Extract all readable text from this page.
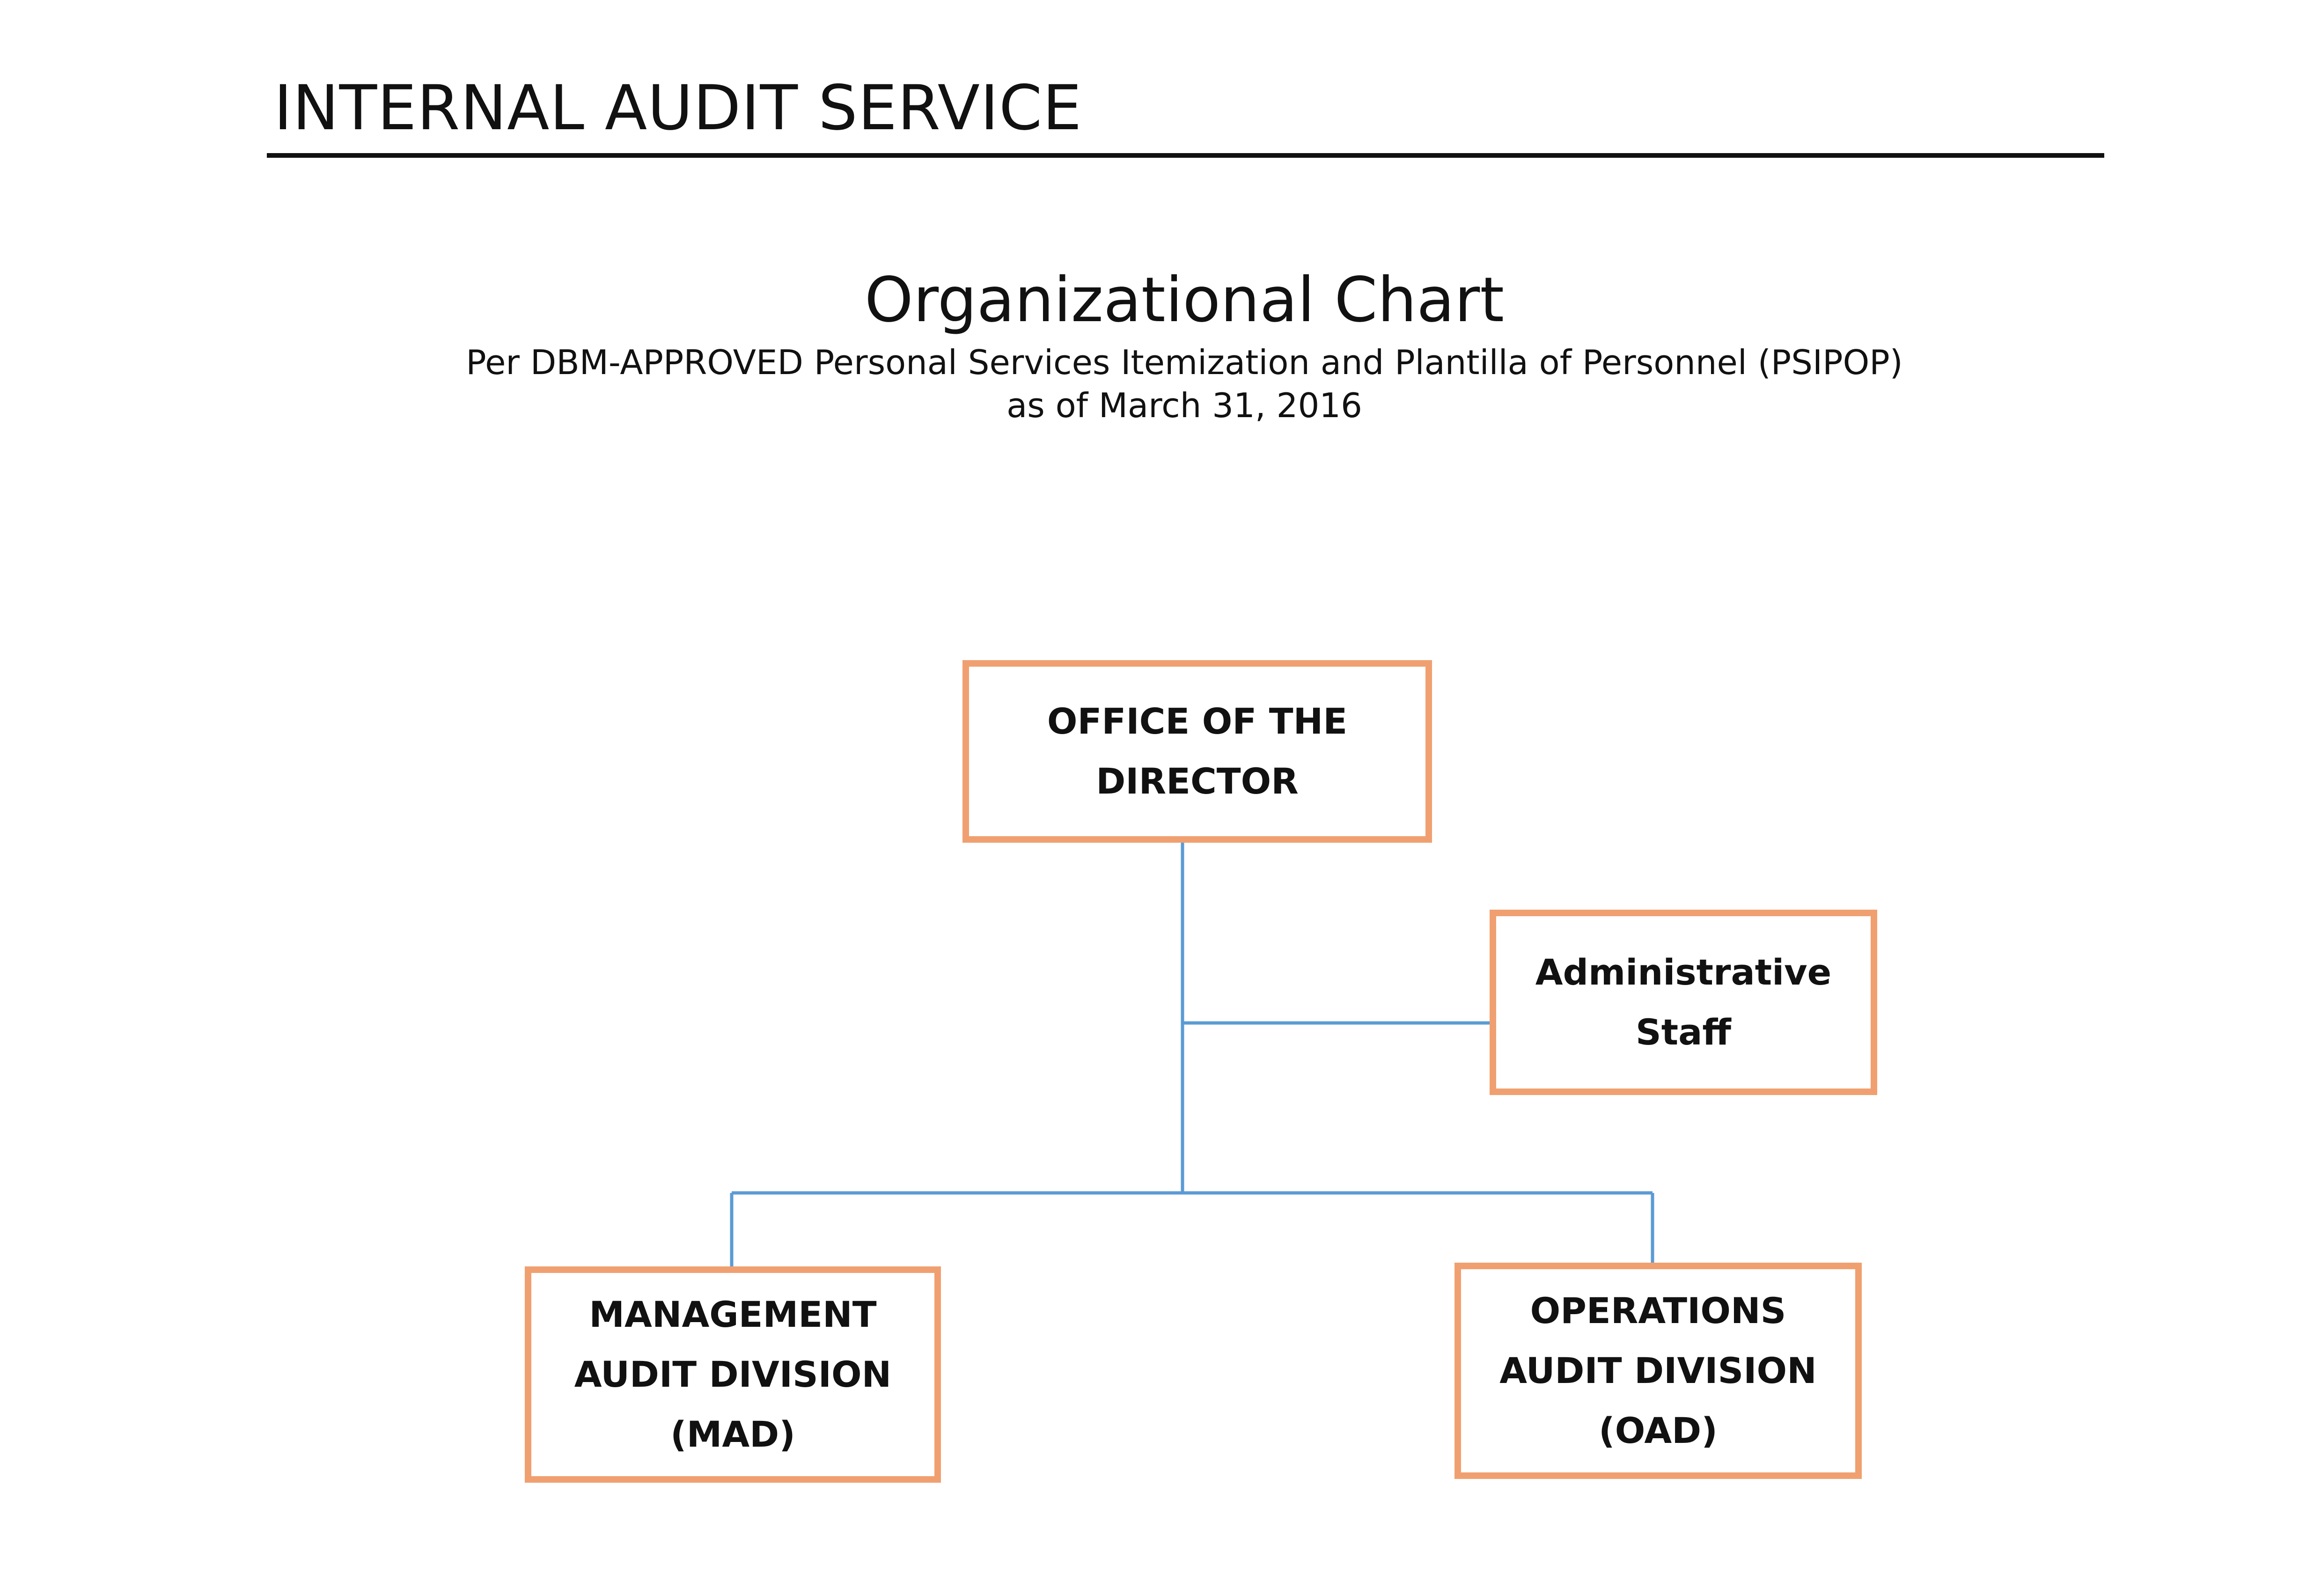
INTERNAL AUDIT SERVICE
Organizational Chart
Per DBM-APPROVED Personal Services Itemization and Plantilla of Personnel (PSIPOP)
as of March 31, 2016
OFFICE OF THE
DIRECTOR
Administrative
Staff
MANAGEMENT
AUDIT DIVISION
(MAD)
OPERATIONS
AUDIT DIVISION
(OAD)
